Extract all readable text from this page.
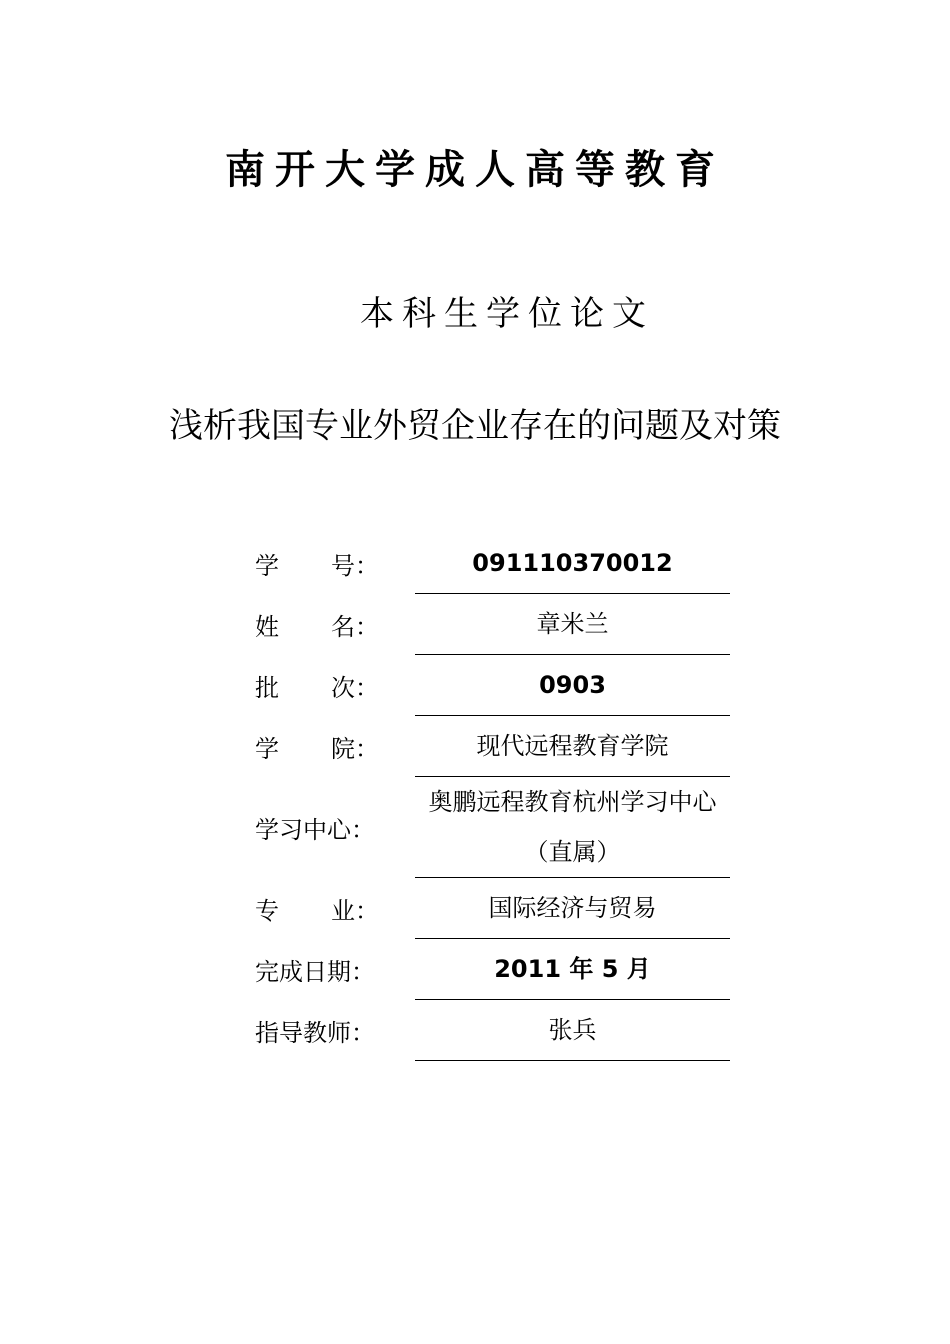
南开大学成人高等教育
本科生学位论文
浅析我国专业外贸企业存在的问题及对策
学	号：	091110370012
姓	名：	章米兰
批	次：	0903
学	院：	现代远程教育学院
学习中心：
奥鹏远程教育杭州学习中心（直属）
专	业：	国际经济与贸易
完成日期：	2011 年 5 月
指导教师：	张兵
